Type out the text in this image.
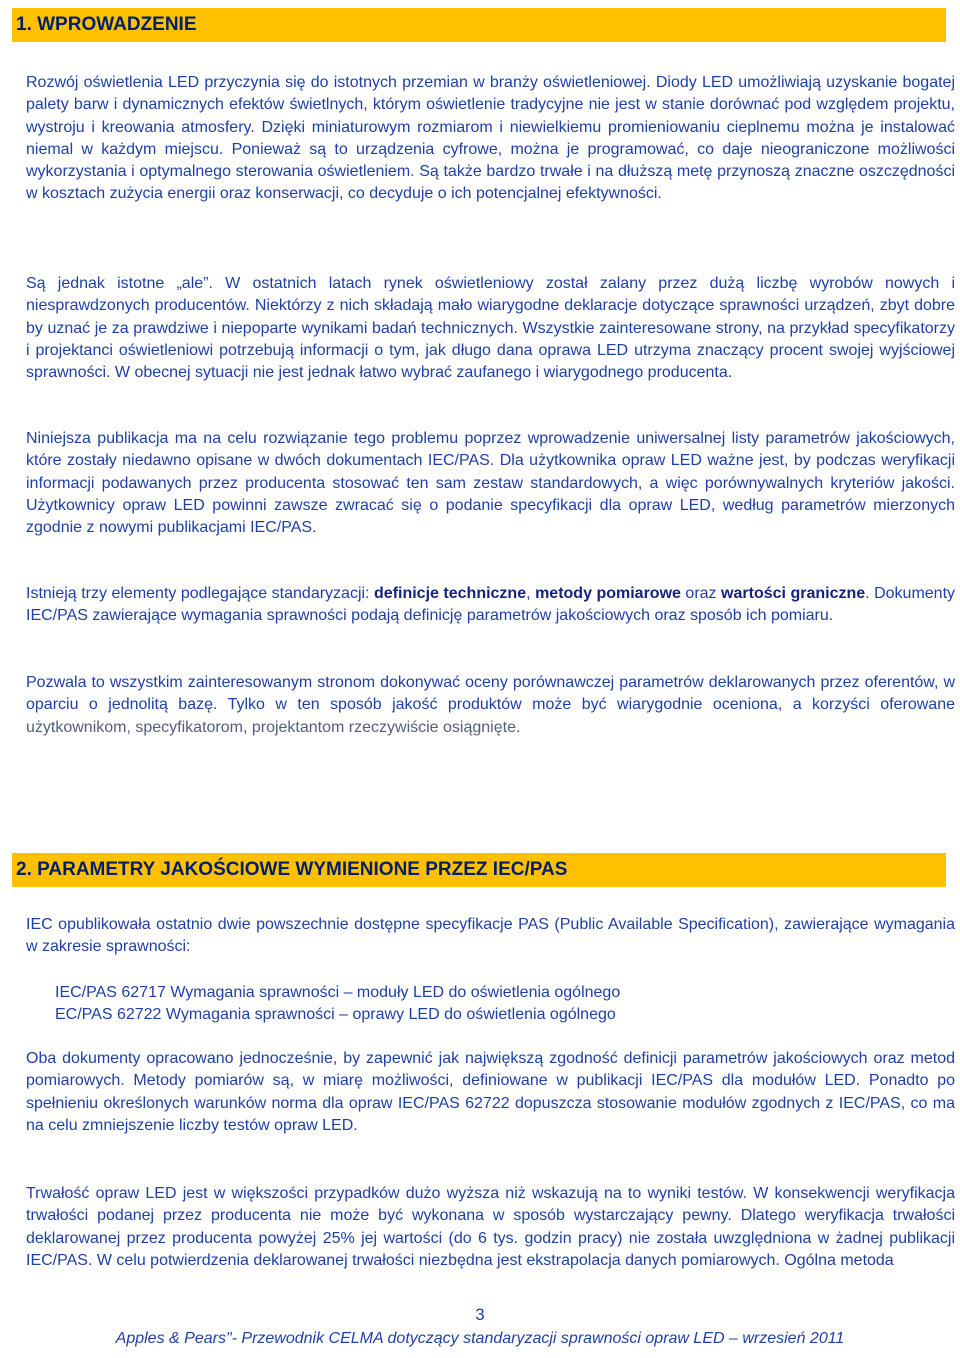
1. WPROWADZENIE

Rozwój oświetlenia LED przyczynia się do istotnych przemian w branży oświetleniowej. Diody LED umożliwiają uzyskanie bogatej palety barw i dynamicznych efektów świetlnych, którym oświetlenie tradycyjne nie jest w stanie dorównać pod względem projektu, wystroju i kreowania atmosfery. Dzięki miniaturowym rozmiarom i niewielkiemu promieniowaniu cieplnemu można je instalować niemal w każdym miejscu. Ponieważ są to urządzenia cyfrowe, można je programować, co daje nieograniczone możliwości wykorzystania i optymalnego sterowania oświetleniem. Są także bardzo trwałe i na dłuższą metę przynoszą znaczne oszczędności w kosztach zużycia energii oraz konserwacji, co decyduje o ich potencjalnej efektywności.

Są jednak istotne „ale”. W ostatnich latach rynek oświetleniowy został zalany przez dużą liczbę wyrobów nowych i niesprawdzonych producentów. Niektórzy z nich składają mało wiarygodne deklaracje dotyczące sprawności urządzeń, zbyt dobre by uznać je za prawdziwe i niepoparte wynikami badań technicznych. Wszystkie zainteresowane strony, na przykład specyfikatorzy i projektanci oświetleniowi potrzebują informacji o tym, jak długo dana oprawa LED utrzyma znaczący procent swojej wyjściowej sprawności. W obecnej sytuacji nie jest jednak łatwo wybrać zaufanego i wiarygodnego producenta.

Niniejsza publikacja ma na celu rozwiązanie tego problemu poprzez wprowadzenie uniwersalnej listy parametrów jakościowych, które zostały niedawno opisane w dwóch dokumentach IEC/PAS. Dla użytkownika opraw LED ważne jest, by podczas weryfikacji informacji podawanych przez producenta stosować ten sam zestaw standardowych, a więc porównywalnych kryteriów jakości. Użytkownicy opraw LED powinni zawsze zwracać się o podanie specyfikacji dla opraw LED, według parametrów mierzonych zgodnie z nowymi publikacjami IEC/PAS.

Istnieją trzy elementy podlegające standaryzacji: definicje techniczne, metody pomiarowe oraz wartości graniczne. Dokumenty IEC/PAS zawierające wymagania sprawności podają definicję parametrów jakościowych oraz sposób ich pomiaru.

Pozwala to wszystkim zainteresowanym stronom dokonywać oceny porównawczej parametrów deklarowanych przez oferentów, w oparciu o jednolitą bazę. Tylko w ten sposób jakość produktów może być wiarygodnie oceniona, a korzyści oferowane użytkownikom, specyfikatorom, projektantom rzeczywiście osiągnięte.

2. PARAMETRY JAKOŚCIOWE WYMIENIONE PRZEZ IEC/PAS

IEC opublikowała ostatnio dwie powszechnie dostępne specyfikacje PAS (Public Available Specification), zawierające wymagania w zakresie sprawności:

IEC/PAS 62717 Wymagania sprawności – moduły LED do oświetlenia ogólnego
EC/PAS 62722 Wymagania sprawności – oprawy LED do oświetlenia ogólnego

Oba dokumenty opracowano jednocześnie, by zapewnić jak największą zgodność definicji parametrów jakościowych oraz metod pomiarowych. Metody pomiarów są, w miarę możliwości, definiowane w publikacji IEC/PAS dla modułów LED. Ponadto po spełnieniu określonych warunków norma dla opraw IEC/PAS 62722 dopuszcza stosowanie modułów zgodnych z IEC/PAS, co ma na celu zmniejszenie liczby testów opraw LED.

Trwałość opraw LED jest w większości przypadków dużo wyższa niż wskazują na to wyniki testów. W konsekwencji weryfikacja trwałości podanej przez producenta nie może być wykonana w sposób wystarczający pewny. Dlatego weryfikacja trwałości deklarowanej przez producenta powyżej 25% jej wartości (do 6 tys. godzin pracy) nie została uwzględniona w żadnej publikacji IEC/PAS. W celu potwierdzenia deklarowanej trwałości niezbędna jest ekstrapolacja danych pomiarowych. Ogólna metoda

3
Apples & Pears"- Przewodnik CELMA dotyczący standaryzacji sprawności opraw LED – wrzesień 2011
